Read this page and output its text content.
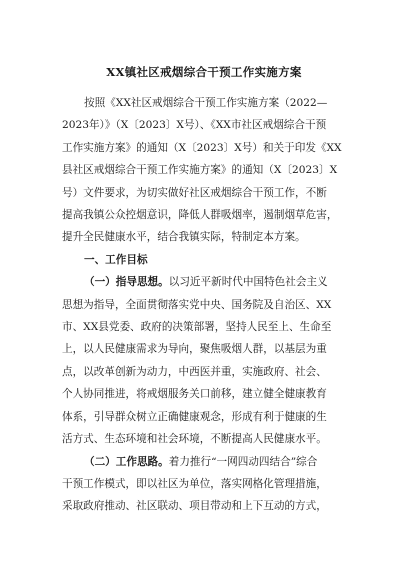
XX镇社区戒烟综合干预工作实施方案
按照《XX社区戒烟综合干预工作实施方案（2022—
2023年）》（X〔2023〕X号）、《XX市社区戒烟综合干预
工作实施方案》的通知（X〔2023〕X号）和关于印发《XX
县社区戒烟综合干预工作实施方案》的通知（X〔2023〕X
号）文件要求，为切实做好社区戒烟综合干预工作，不断
提高我镇公众控烟意识，降低人群吸烟率，遏制烟草危害，
提升全民健康水平，结合我镇实际，特制定本方案。
一、工作目标
（一）指导思想。以习近平新时代中国特色社会主义
思想为指导，全面贯彻落实党中央、国务院及自治区、XX
市、XX县党委、政府的决策部署，坚持人民至上、生命至
上，以人民健康需求为导向，聚焦吸烟人群，以基层为重
点，以改革创新为动力，中西医并重，实施政府、社会、
个人协同推进，将戒烟服务关口前移，建立健全健康教育
体系，引导群众树立正确健康观念，形成有利于健康的生
活方式、生态环境和社会环境，不断提高人民健康水平。
（二）工作思路。着力推行“一网四动四结合”综合
干预工作模式，即以社区为单位，落实网格化管理措施，
采取政府推动、社区联动、项目带动和上下互动的方式，
